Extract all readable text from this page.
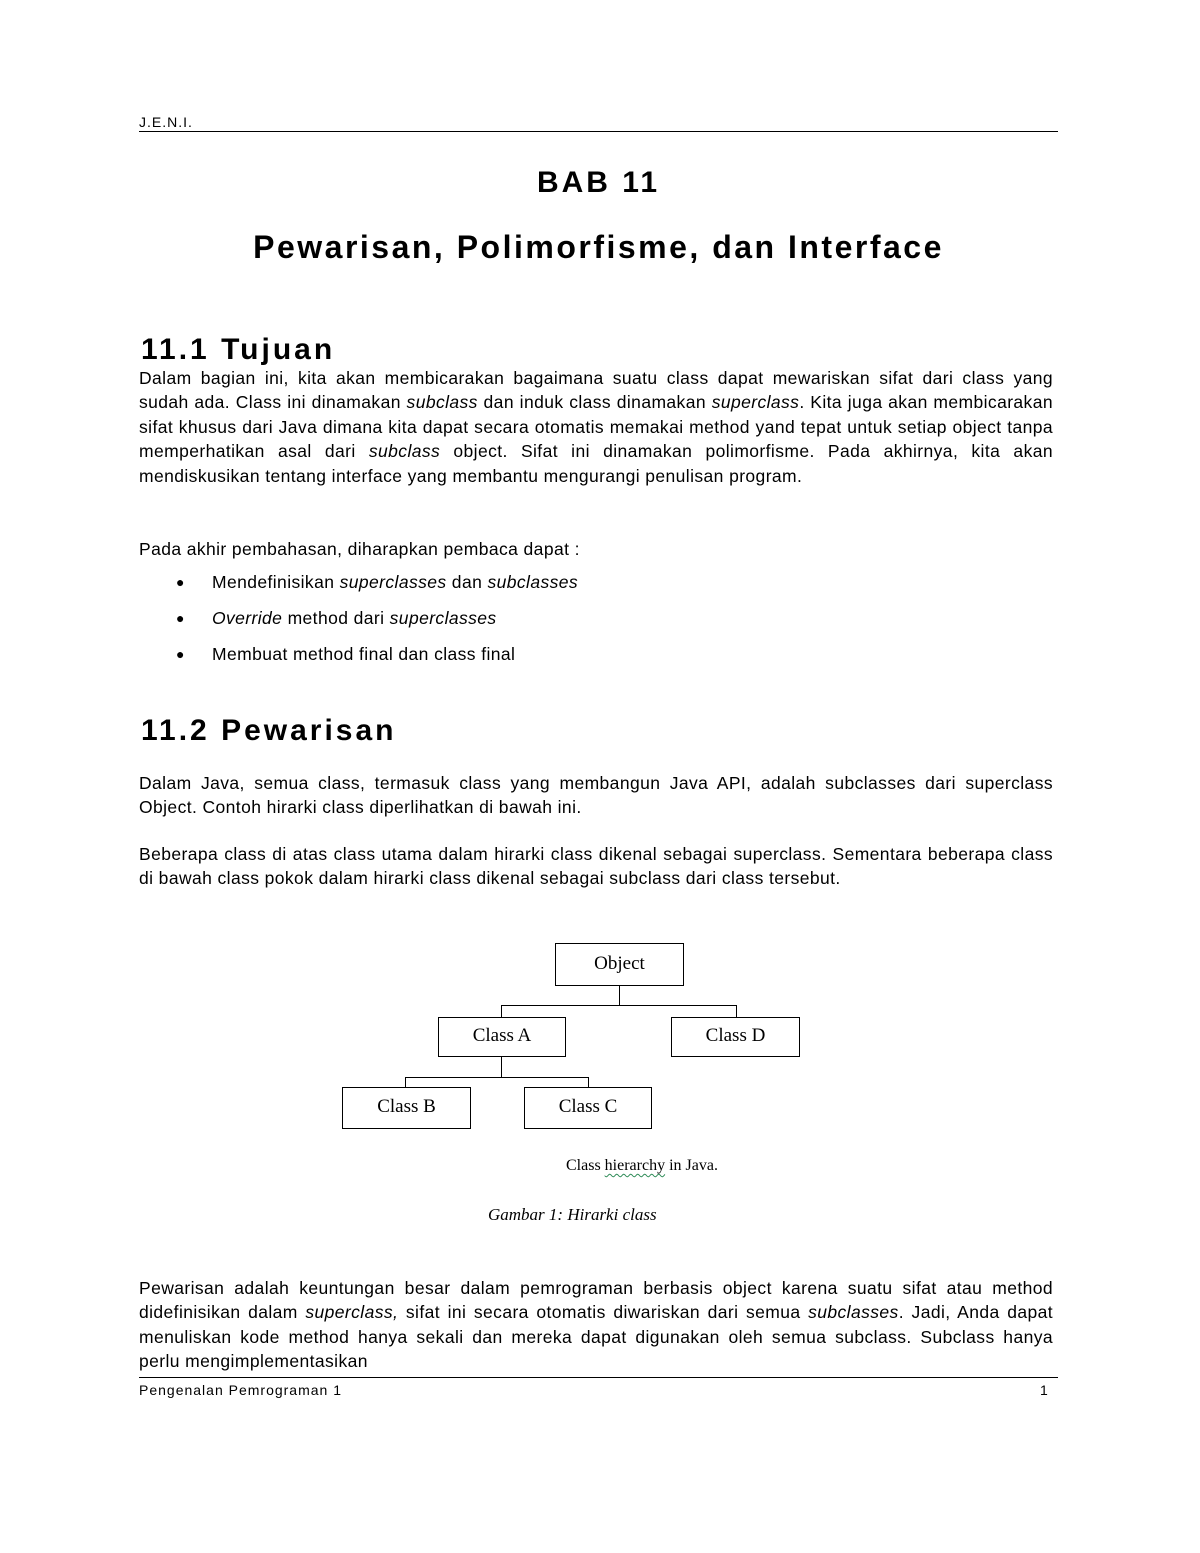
J.E.N.I.
BAB 11
Pewarisan, Polimorfisme, dan Interface
11.1 Tujuan

Dalam bagian ini, kita akan membicarakan bagaimana suatu class dapat mewariskan sifat dari class yang sudah ada. Class ini dinamakan subclass dan induk class dinamakan superclass. Kita juga akan membicarakan sifat khusus dari Java dimana kita dapat secara otomatis memakai method yand tepat untuk setiap object tanpa memperhatikan asal dari subclass object. Sifat ini dinamakan polimorfisme. Pada akhirnya, kita akan mendiskusikan tentang interface yang membantu mengurangi penulisan program.

Pada akhir pembahasan, diharapkan pembaca dapat :

● Mendefinisikan superclasses dan subclasses
● Override method dari superclasses
● Membuat method final dan class final
11.2 Pewarisan

Dalam Java, semua class, termasuk class yang membangun Java API, adalah subclasses dari superclass Object. Contoh hirarki class diperlihatkan di bawah ini.

Beberapa class di atas class utama dalam hirarki class dikenal sebagai superclass. Sementara beberapa class di bawah class pokok dalam hirarki class dikenal sebagai subclass dari class tersebut.

Object
Class A	Class D
Class B	Class C
Class hierarchy in Java.
Gambar 1: Hirarki class

Pewarisan adalah keuntungan besar dalam pemrograman berbasis object karena suatu sifat atau method didefinisikan dalam superclass, sifat ini secara otomatis diwariskan dari semua subclasses. Jadi, Anda dapat menuliskan kode method hanya sekali dan mereka dapat digunakan oleh semua subclass. Subclass hanya perlu mengimplementasikan

Pengenalan Pemrograman 1	1
